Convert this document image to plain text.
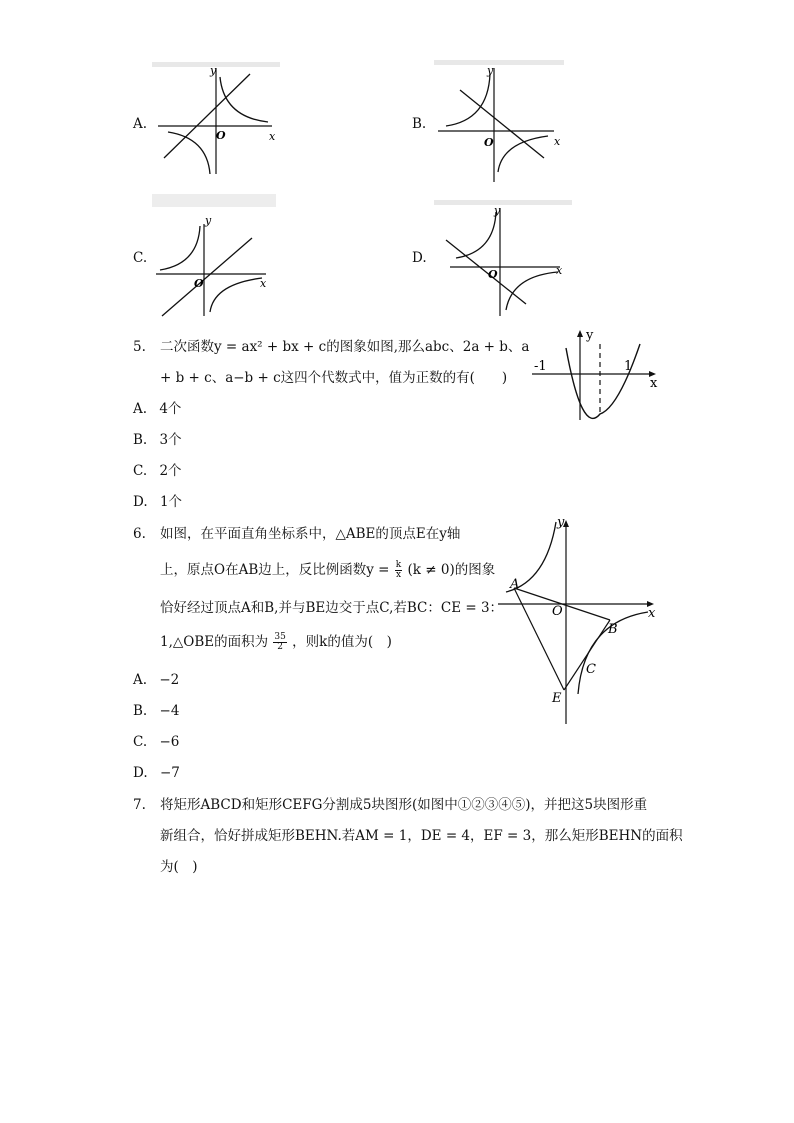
A.
x
y
O
B.
x
y
O
C.
x
y
O
D.
x
y
O
5. 二次函数y = ax² + bx + c的图象如图,那么abc、2a + b、a
+ b + c、a−b + c这四个代数式中，值为正数的有(　　)
-1	1
x
y
A. 4个
B. 3个
C. 2个
D. 1个
6. 如图，在平面直角坐标系中，△ABE的顶点E在y轴
上，原点O在AB边上，反比例函数$y = \frac{k}{x} (k \ne 0)$的图象
恰好经过顶点A和B,并与BE边交于点C,若BC：CE = 3：
1,△OBE的面积为 $\frac{35}{2}$ ，则k的值为(　)
A
B
C
E
O	x
y
A. −2
B. −4
C. −6
D. −7
7. 将矩形ABCD和矩形CEFG分割成5块图形(如图中①②③④⑤)，并把这5块图形重
新组合，恰好拼成矩形BEHN.若AM = 1，DE = 4，EF = 3，那么矩形BEHN的面积
为(　)
